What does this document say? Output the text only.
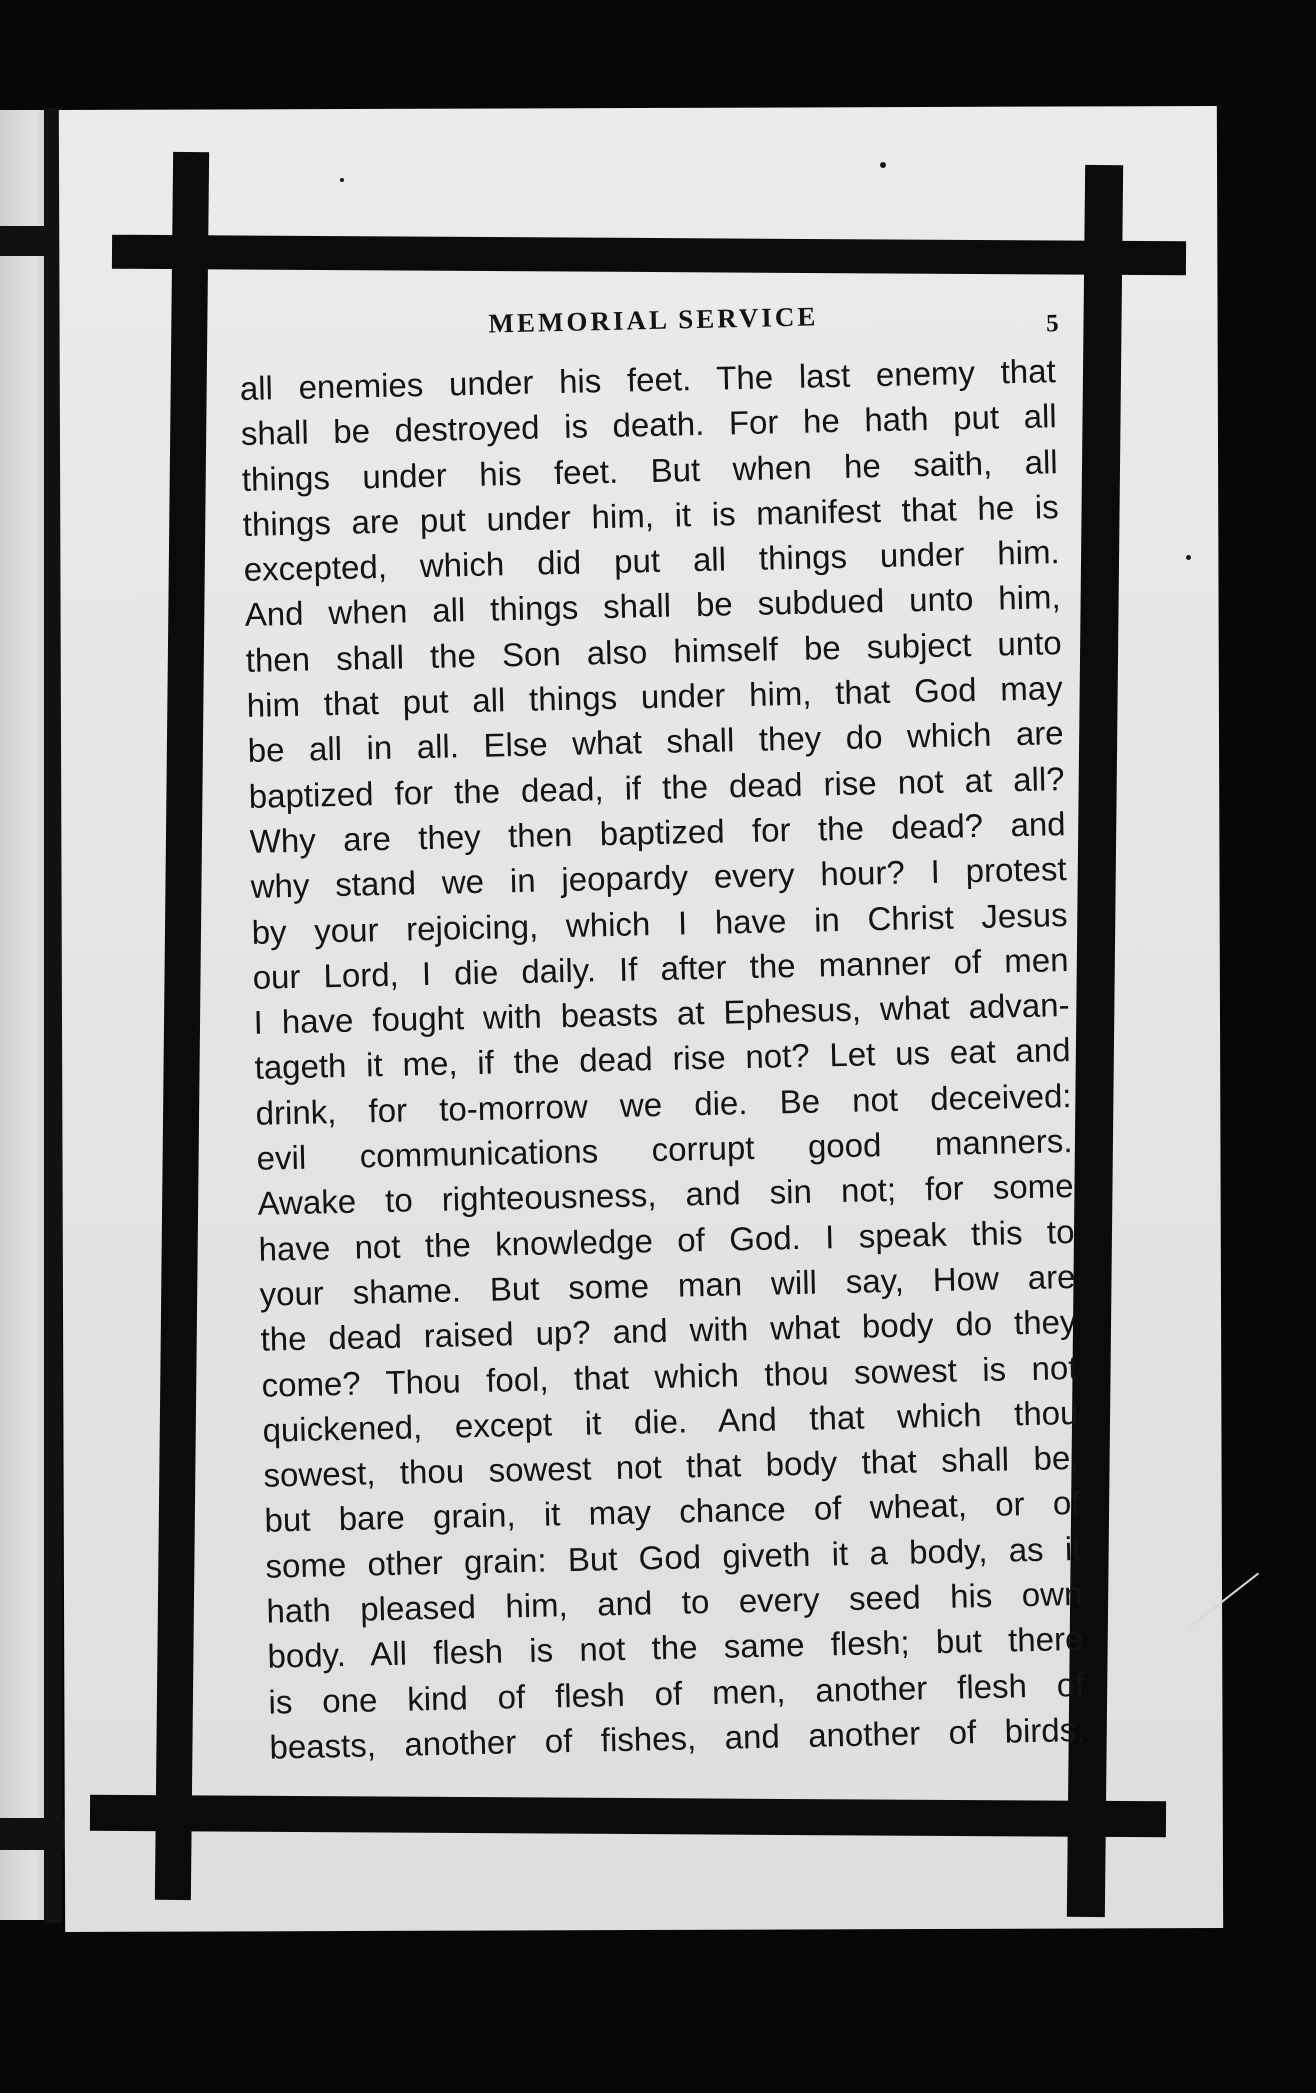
MEMORIAL SERVICE	5
all enemies under his feet. The last enemy that
shall be destroyed is death. For he hath put all
things under his feet. But when he saith, all
things are put under him, it is manifest that he is
excepted, which did put all things under him.
And when all things shall be subdued unto him,
then shall the Son also himself be subject unto
him that put all things under him, that God may
be all in all. Else what shall they do which are
baptized for the dead, if the dead rise not at all?
Why are they then baptized for the dead? and
why stand we in jeopardy every hour? I protest
by your rejoicing, which I have in Christ Jesus
our Lord, I die daily. If after the manner of men
I have fought with beasts at Ephesus, what advan-
tageth it me, if the dead rise not? Let us eat and
drink, for to-morrow we die. Be not deceived:
evil communications corrupt good manners.
Awake to righteousness, and sin not; for some
have not the knowledge of God. I speak this to
your shame. But some man will say, How are
the dead raised up? and with what body do they
come? Thou fool, that which thou sowest is not
quickened, except it die. And that which thou
sowest, thou sowest not that body that shall be,
but bare grain, it may chance of wheat, or of
some other grain: But God giveth it a body, as it
hath pleased him, and to every seed his own
body. All flesh is not the same flesh; but there
is one kind of flesh of men, another flesh of
beasts, another of fishes, and another of birds.
